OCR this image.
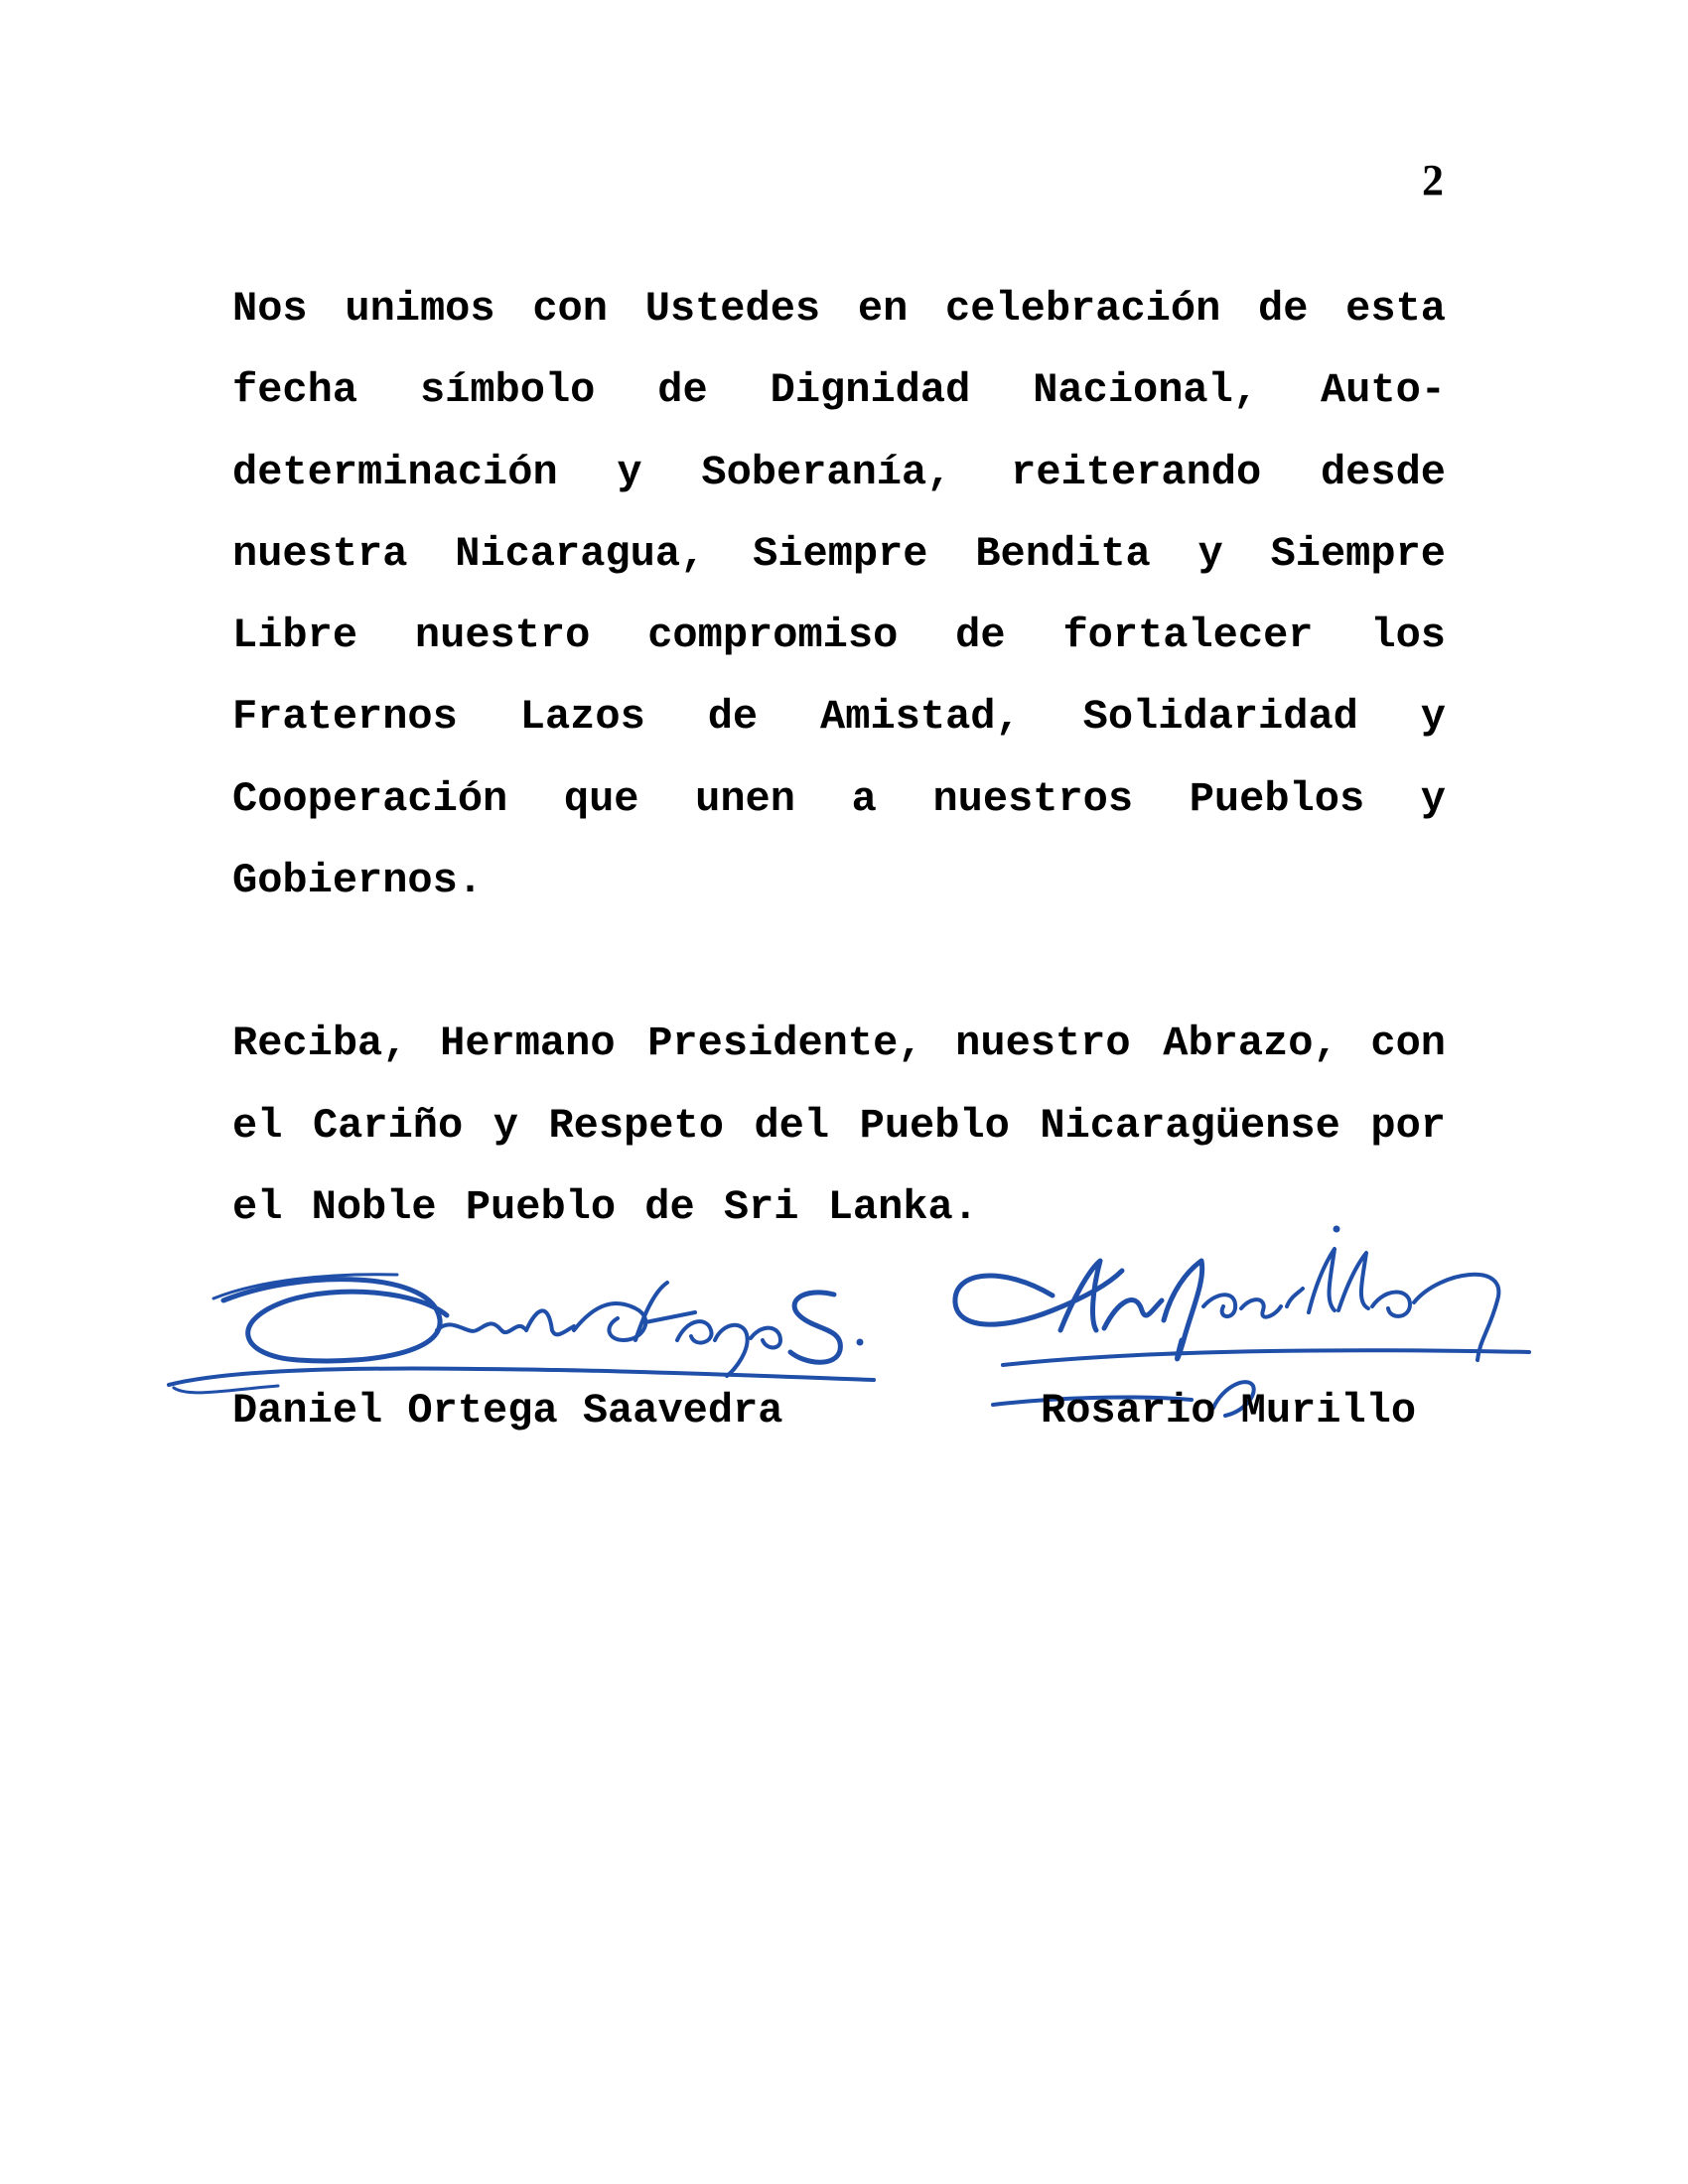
2

Nos unimos con Ustedes en celebración de esta fecha símbolo de Dignidad Nacional, Auto-determinación y Soberanía, reiterando desde nuestra Nicaragua, Siempre Bendita y Siempre Libre nuestro compromiso de fortalecer los Fraternos Lazos de Amistad, Solidaridad y Cooperación que unen a nuestros Pueblos y Gobiernos.

Reciba, Hermano Presidente, nuestro Abrazo, con el Cariño y Respeto del Pueblo Nicaragüense por el Noble Pueblo de Sri Lanka.

Daniel Ortega Saavedra	Rosario Murillo
